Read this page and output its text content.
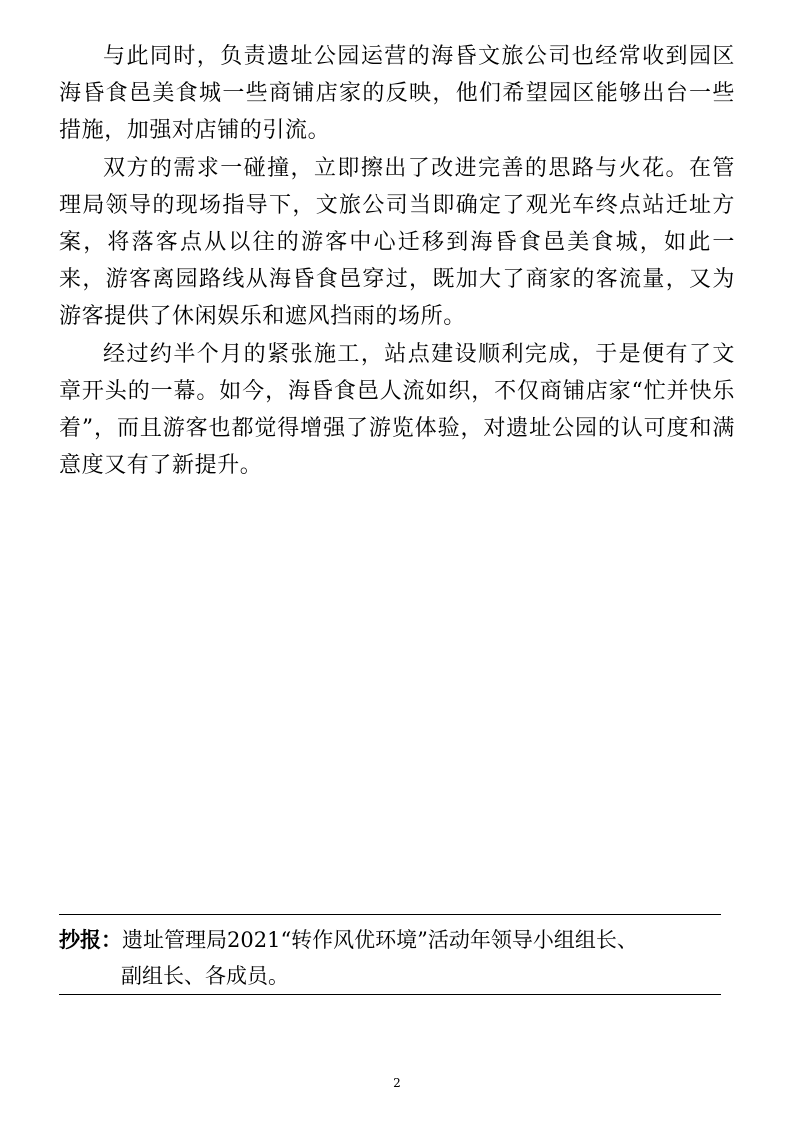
与此同时，负责遗址公园运营的海昏文旅公司也经常收到园区海昏食邑美食城一些商铺店家的反映，他们希望园区能够出台一些措施，加强对店铺的引流。

双方的需求一碰撞，立即擦出了改进完善的思路与火花。在管理局领导的现场指导下，文旅公司当即确定了观光车终点站迁址方案，将落客点从以往的游客中心迁移到海昏食邑美食城，如此一来，游客离园路线从海昏食邑穿过，既加大了商家的客流量，又为游客提供了休闲娱乐和遮风挡雨的场所。

经过约半个月的紧张施工，站点建设顺利完成，于是便有了文章开头的一幕。如今，海昏食邑人流如织，不仅商铺店家“忙并快乐着”，而且游客也都觉得增强了游览体验，对遗址公园的认可度和满意度又有了新提升。

抄报：遗址管理局2021“转作风优环境”活动年领导小组组长、
副组长、各成员。
2
